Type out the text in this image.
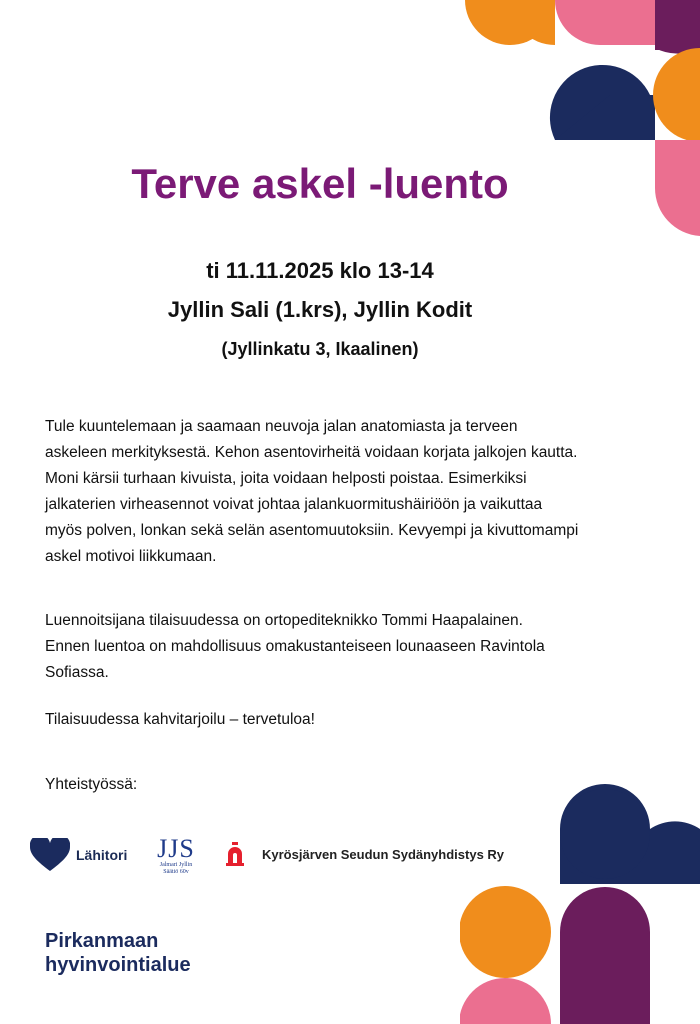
Terve askel -luento

ti 11.11.2025 klo 13-14

Jyllin Sali (1.krs), Jyllin Kodit

(Jyllinkatu 3, Ikaalinen)

Tule kuuntelemaan ja saamaan neuvoja jalan anatomiasta ja terveen
askeleen merkityksestä. Kehon asentovirheitä voidaan korjata jalkojen kautta.
Moni kärsii turhaan kivuista, joita voidaan helposti poistaa. Esimerkiksi
jalkaterien virheasennot voivat johtaa jalankuormitushäiriöön ja vaikuttaa
myös polven, lonkan sekä selän asentomuutoksiin. Kevyempi ja kivuttomampi
askel motivoi liikkumaan.

Luennoitsijana tilaisuudessa on ortopediteknikko Tommi Haapalainen.
Ennen luentoa on mahdollisuus omakustanteiseen lounaaseen Ravintola
Sofiassa.

Tilaisuudessa kahvitarjoilu – tervetuloa!

Yhteistyössä:

Lähitori JJS
Jalmari Jyllin
Säätiö 60v
Kyrösjärven Seudun Sydänyhdistys Ry

Pirkanmaan
hyvinvointialue
